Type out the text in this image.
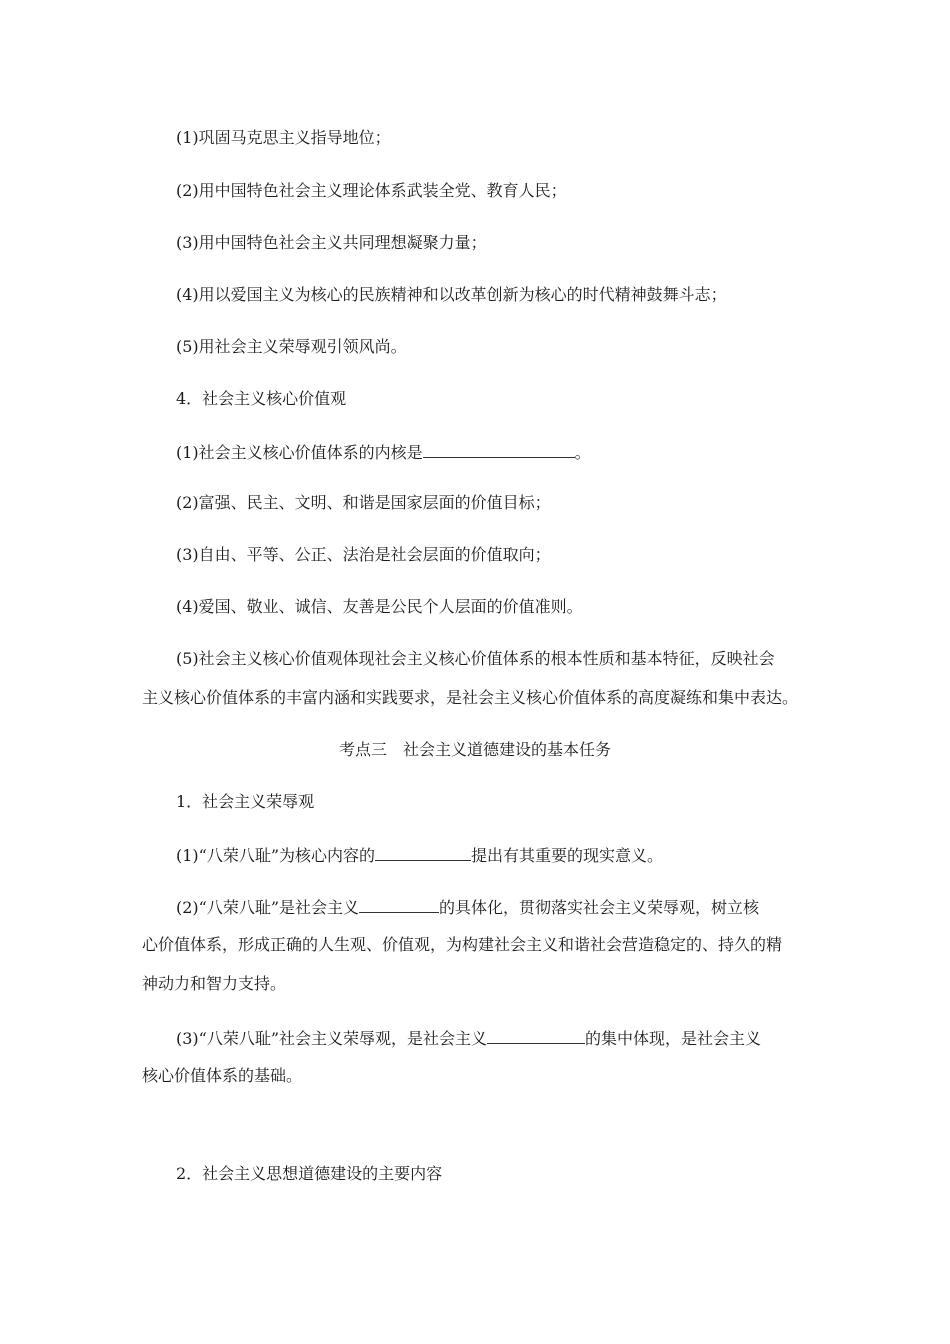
(1)巩固马克思主义指导地位；
(2)用中国特色社会主义理论体系武装全党、教育人民；
(3)用中国特色社会主义共同理想凝聚力量；
(4)用以爱国主义为核心的民族精神和以改革创新为核心的时代精神鼓舞斗志；
(5)用社会主义荣辱观引领风尚。
4．社会主义核心价值观
(1)社会主义核心价值体系的内核是	。
(2)富强、民主、文明、和谐是国家层面的价值目标；
(3)自由、平等、公正、法治是社会层面的价值取向；
(4)爱国、敬业、诚信、友善是公民个人层面的价值准则。
(5)社会主义核心价值观体现社会主义核心价值体系的根本性质和基本特征，反映社会
主义核心价值体系的丰富内涵和实践要求，是社会主义核心价值体系的高度凝练和集中表达。
考点三　社会主义道德建设的基本任务
1．社会主义荣辱观
(1)“八荣八耻”为核心内容的	提出有其重要的现实意义。
(2)“八荣八耻”是社会主义	的具体化，贯彻落实社会主义荣辱观，树立核
心价值体系，形成正确的人生观、价值观，为构建社会主义和谐社会营造稳定的、持久的精
神动力和智力支持。
(3)“八荣八耻”社会主义荣辱观，是社会主义	的集中体现，是社会主义
核心价值体系的基础。
2．社会主义思想道德建设的主要内容
